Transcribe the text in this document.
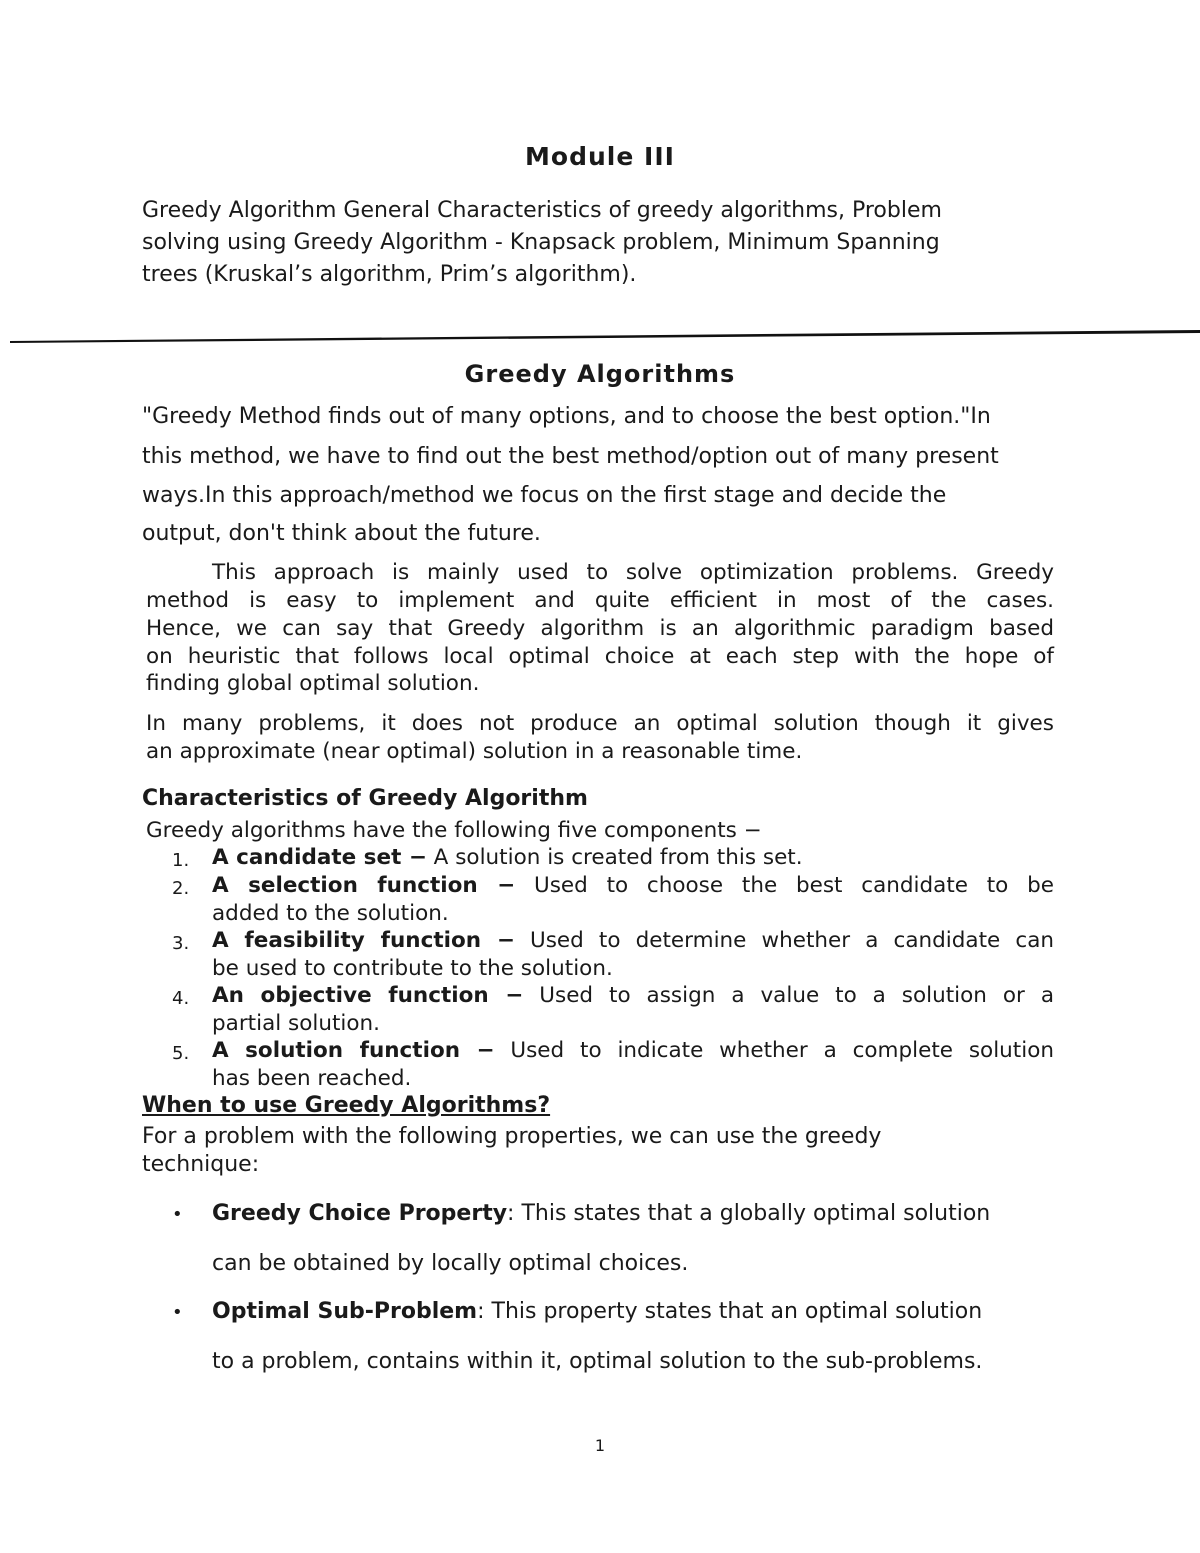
Module III
Greedy Algorithm General Characteristics of greedy algorithms, Problem
solving using Greedy Algorithm - Knapsack problem, Minimum Spanning
trees (Kruskal’s algorithm, Prim’s algorithm).
Greedy Algorithms
"Greedy Method finds out of many options, and to choose the best option."In
this method, we have to find out the best method/option out of many present
ways.In this approach/method we focus on the first stage and decide the
output, don't think about the future.
This approach is mainly used to solve optimization problems. Greedy
method is easy to implement and quite efficient in most of the cases.
Hence, we can say that Greedy algorithm is an algorithmic paradigm based
on heuristic that follows local optimal choice at each step with the hope of
finding global optimal solution.
In many problems, it does not produce an optimal solution though it gives
an approximate (near optimal) solution in a reasonable time.
Characteristics of Greedy Algorithm
Greedy algorithms have the following five components −
1. A candidate set − A solution is created from this set.
2. A selection function − Used to choose the best candidate to be
added to the solution.
3. A feasibility function − Used to determine whether a candidate can
be used to contribute to the solution.
4. An objective function − Used to assign a value to a solution or a
partial solution.
5. A solution function − Used to indicate whether a complete solution
has been reached.
When to use Greedy Algorithms?
For a problem with the following properties, we can use the greedy
technique:
• Greedy Choice Property: This states that a globally optimal solution
can be obtained by locally optimal choices.
• Optimal Sub-Problem: This property states that an optimal solution
to a problem, contains within it, optimal solution to the sub-problems.
1
